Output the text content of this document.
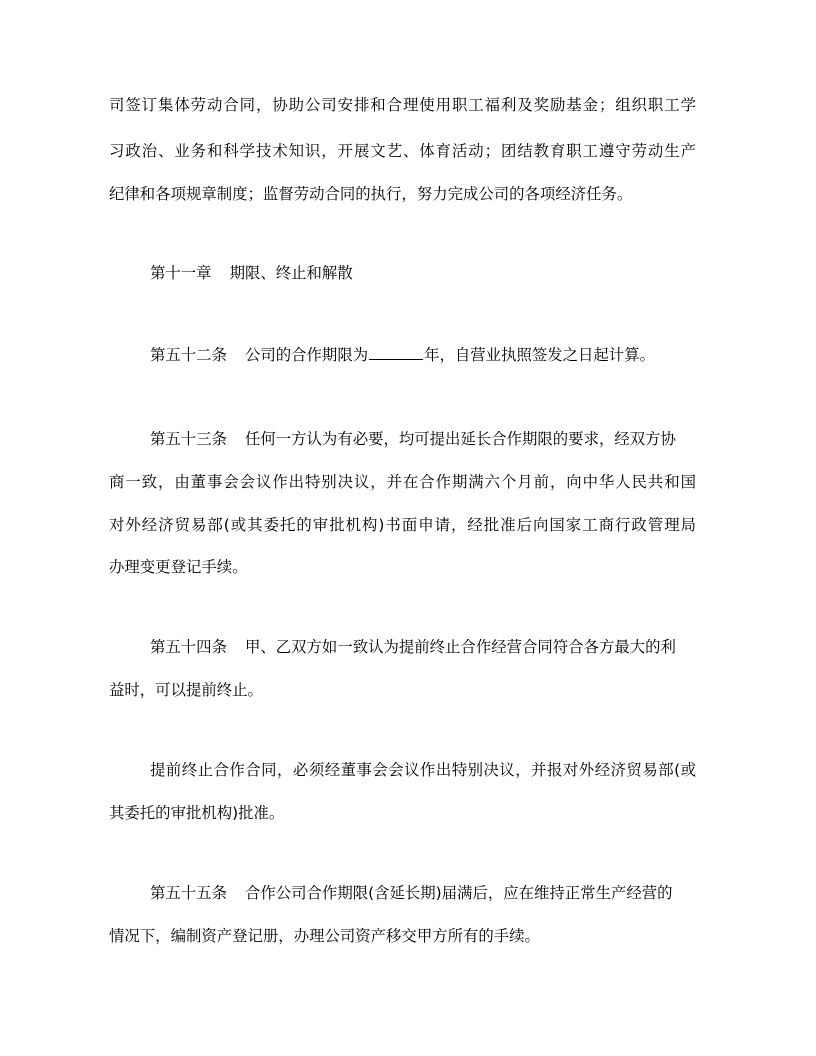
司签订集体劳动合同，协助公司安排和合理使用职工福利及奖励基金；组织职工学
习政治、业务和科学技术知识，开展文艺、体育活动；团结教育职工遵守劳动生产
纪律和各项规章制度；监督劳动合同的执行，努力完成公司的各项经济任务。
第十一章 期限、终止和解散
第五十二条 公司的合作期限为	年，自营业执照签发之日起计算。
第五十三条 任何一方认为有必要，均可提出延长合作期限的要求，经双方协
商一致，由董事会会议作出特别决议，并在合作期满六个月前，向中华人民共和国
对外经济贸易部(或其委托的审批机构)书面申请，经批准后向国家工商行政管理局
办理变更登记手续。
第五十四条 甲、乙双方如一致认为提前终止合作经营合同符合各方最大的利
益时，可以提前终止。
提前终止合作合同，必须经董事会会议作出特别决议，并报对外经济贸易部(或
其委托的审批机构)批准。
第五十五条 合作公司合作期限(含延长期)届满后，应在维持正常生产经营的
情况下，编制资产登记册，办理公司资产移交甲方所有的手续。
